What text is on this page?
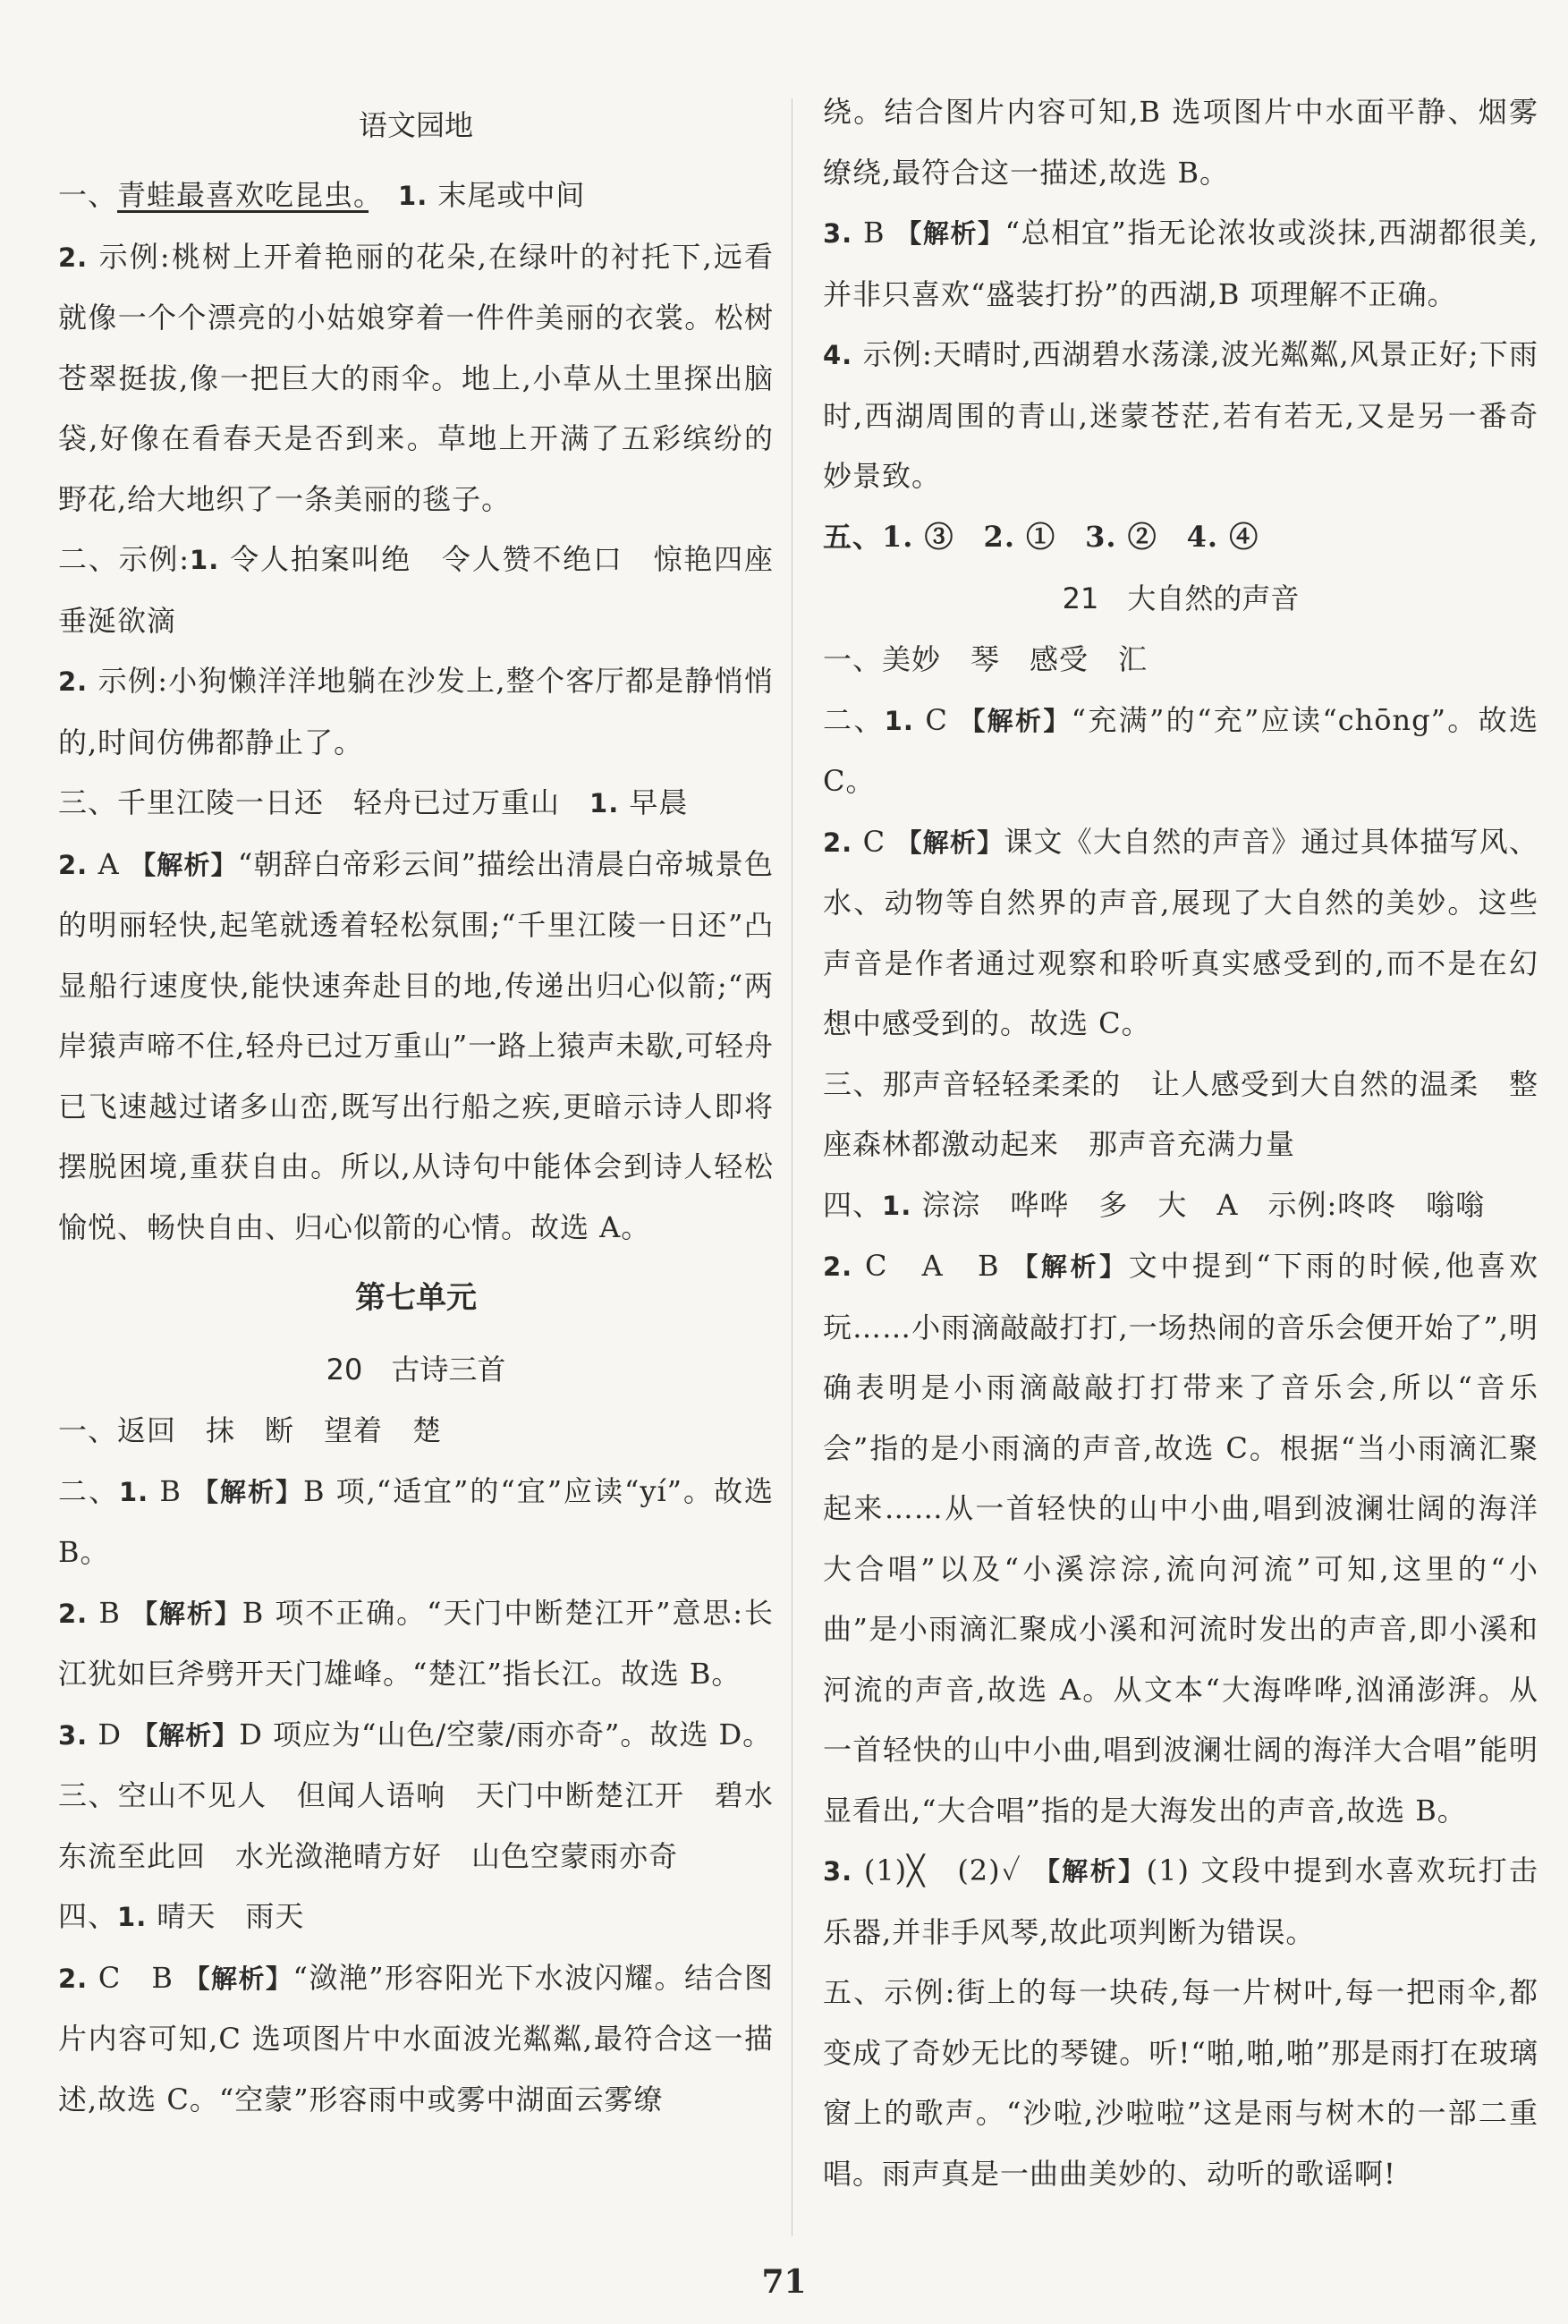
语文园地

一、青蛙最喜欢吃昆虫。　 1. 末尾或中间

2. 示例:桃树上开着艳丽的花朵,在绿叶的衬托下,远看就像一个个漂亮的小姑娘穿着一件件美丽的衣裳。松树苍翠挺拔,像一把巨大的雨伞。地上,小草从土里探出脑袋,好像在看春天是否到来。草地上开满了五彩缤纷的野花,给大地织了一条美丽的毯子。

二、示例:1. 令人拍案叫绝　令人赞不绝口　惊艳四座　垂涎欲滴

2. 示例:小狗懒洋洋地躺在沙发上,整个客厅都是静悄悄的,时间仿佛都静止了。

三、千里江陵一日还　轻舟已过万重山　 1. 早晨

2. A 【解析】“朝辞白帝彩云间”描绘出清晨白帝城景色的明丽轻快,起笔就透着轻松氛围;“千里江陵一日还”凸显船行速度快,能快速奔赴目的地,传递出归心似箭;“两岸猿声啼不住,轻舟已过万重山”一路上猿声未歇,可轻舟已飞速越过诸多山峦,既写出行船之疾,更暗示诗人即将摆脱困境,重获自由。所以,从诗句中能体会到诗人轻松愉悦、畅快自由、归心似箭的心情。故选 A。

第七单元

20　古诗三首

一、返回　抹　断　望着　楚

二、1. B 【解析】B 项,“适宜”的“宜”应读“yí”。故选 B。

2. B 【解析】B 项不正确。“天门中断楚江开”意思:长江犹如巨斧劈开天门雄峰。“楚江”指长江。故选 B。

3. D 【解析】D 项应为“山色/空蒙/雨亦奇”。故选 D。

三、空山不见人　但闻人语响　天门中断楚江开　碧水东流至此回　水光潋滟晴方好　山色空蒙雨亦奇

四、1. 晴天　雨天

2. C　B 【解析】“潋滟”形容阳光下水波闪耀。结合图片内容可知,C 选项图片中水面波光粼粼,最符合这一描述,故选 C。“空蒙”形容雨中或雾中湖面云雾缭

绕。结合图片内容可知,B 选项图片中水面平静、烟雾缭绕,最符合这一描述,故选 B。

3. B 【解析】“总相宜”指无论浓妆或淡抹,西湖都很美,并非只喜欢“盛装打扮”的西湖,B 项理解不正确。

4. 示例:天晴时,西湖碧水荡漾,波光粼粼,风景正好;下雨时,西湖周围的青山,迷蒙苍茫,若有若无,又是另一番奇妙景致。

五、1. ③　2. ①　3. ②　4. ④

21　大自然的声音

一、美妙　琴　感受　汇

二、1. C 【解析】“充满”的“充”应读“chōng”。故选 C。

2. C 【解析】课文《大自然的声音》通过具体描写风、水、动物等自然界的声音,展现了大自然的美妙。这些声音是作者通过观察和聆听真实感受到的,而不是在幻想中感受到的。故选 C。

三、那声音轻轻柔柔的　让人感受到大自然的温柔　整座森林都激动起来　那声音充满力量

四、1. 淙淙　哗哗　多　大　A　示例:咚咚　嗡嗡

2. C　A　B 【解析】文中提到“下雨的时候,他喜欢玩……小雨滴敲敲打打,一场热闹的音乐会便开始了”,明确表明是小雨滴敲敲打打带来了音乐会,所以“音乐会”指的是小雨滴的声音,故选 C。根据“当小雨滴汇聚起来……从一首轻快的山中小曲,唱到波澜壮阔的海洋大合唱”以及“小溪淙淙,流向河流”可知,这里的“小曲”是小雨滴汇聚成小溪和河流时发出的声音,即小溪和河流的声音,故选 A。从文本“大海哗哗,汹涌澎湃。从一首轻快的山中小曲,唱到波澜壮阔的海洋大合唱”能明显看出,“大合唱”指的是大海发出的声音,故选 B。

3. (1)╳　(2)✓ 【解析】(1) 文段中提到水喜欢玩打击乐器,并非手风琴,故此项判断为错误。

五、示例:街上的每一块砖,每一片树叶,每一把雨伞,都变成了奇妙无比的琴键。听!“啪,啪,啪”那是雨打在玻璃窗上的歌声。“沙啦,沙啦啦”这是雨与树木的一部二重唱。雨声真是一曲曲美妙的、动听的歌谣啊!

71
